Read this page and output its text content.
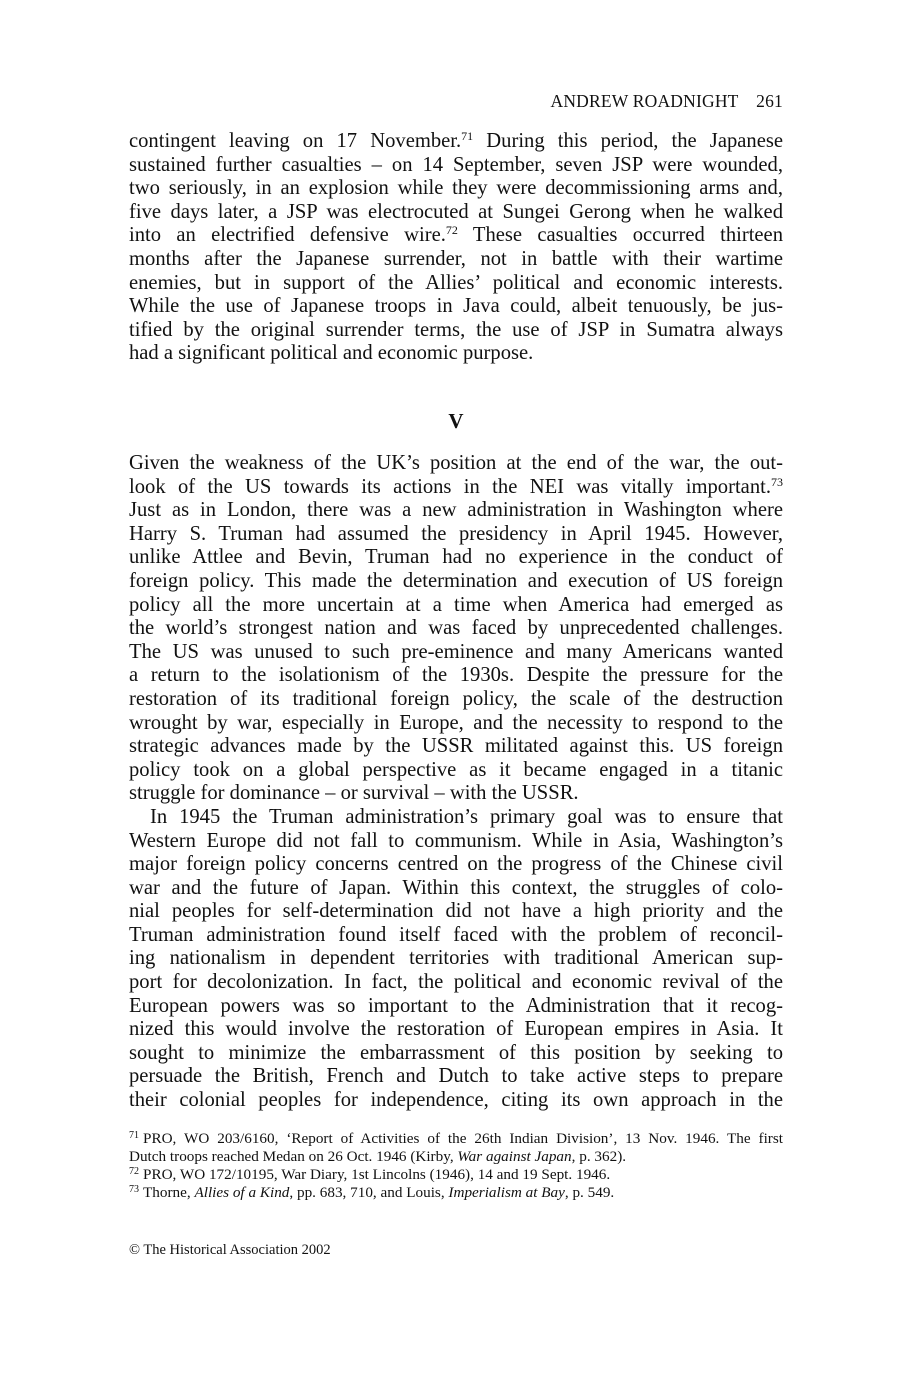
ANDREW ROADNIGHT 261
contingent leaving on 17 November.$^{71}$ During this period, the Japanese
sustained further casualties – on 14 September, seven JSP were wounded,
two seriously, in an explosion while they were decommissioning arms and,
five days later, a JSP was electrocuted at Sungei Gerong when he walked
into an electrified defensive wire.$^{72}$ These casualties occurred thirteen
months after the Japanese surrender, not in battle with their wartime
enemies, but in support of the Allies’ political and economic interests.
While the use of Japanese troops in Java could, albeit tenuously, be jus-
tified by the original surrender terms, the use of JSP in Sumatra always
had a significant political and economic purpose.
V
Given the weakness of the UK’s position at the end of the war, the out-
look of the US towards its actions in the NEI was vitally important.$^{73}$
Just as in London, there was a new administration in Washington where
Harry S. Truman had assumed the presidency in April 1945. However,
unlike Attlee and Bevin, Truman had no experience in the conduct of
foreign policy. This made the determination and execution of US foreign
policy all the more uncertain at a time when America had emerged as
the world’s strongest nation and was faced by unprecedented challenges.
The US was unused to such pre-eminence and many Americans wanted
a return to the isolationism of the 1930s. Despite the pressure for the
restoration of its traditional foreign policy, the scale of the destruction
wrought by war, especially in Europe, and the necessity to respond to the
strategic advances made by the USSR militated against this. US foreign
policy took on a global perspective as it became engaged in a titanic
struggle for dominance – or survival – with the USSR.
In 1945 the Truman administration’s primary goal was to ensure that
Western Europe did not fall to communism. While in Asia, Washington’s
major foreign policy concerns centred on the progress of the Chinese civil
war and the future of Japan. Within this context, the struggles of colo-
nial peoples for self-determination did not have a high priority and the
Truman administration found itself faced with the problem of reconcil-
ing nationalism in dependent territories with traditional American sup-
port for decolonization. In fact, the political and economic revival of the
European powers was so important to the Administration that it recog-
nized this would involve the restoration of European empires in Asia. It
sought to minimize the embarrassment of this position by seeking to
persuade the British, French and Dutch to take active steps to prepare
their colonial peoples for independence, citing its own approach in the
$^{71}$ PRO, WO 203/6160, ‘Report of Activities of the 26th Indian Division’, 13 Nov. 1946. The first
Dutch troops reached Medan on 26 Oct. 1946 (Kirby, War against Japan, p. 362).
$^{72}$ PRO, WO 172/10195, War Diary, 1st Lincolns (1946), 14 and 19 Sept. 1946.
$^{73}$ Thorne, Allies of a Kind, pp. 683, 710, and Louis, Imperialism at Bay, p. 549.
© The Historical Association 2002
